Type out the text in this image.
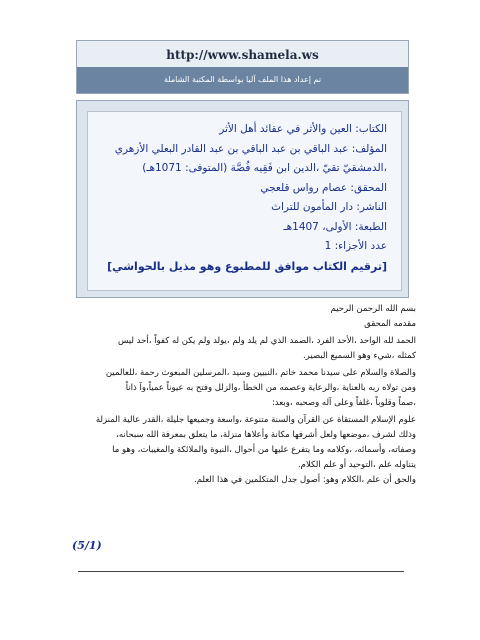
http://www.shamela.ws
تم إعداد هذا الملف آليا بواسطة المكتبة الشاملة
الكتاب: العين والأثر في عقائد أهل الأثر
المؤلف: عبد الباقي بن عبد الباقي بن عبد القادر البعلي الأزهري
،الدمشقيّ تقيّ ،الدين ابن فَقِيه فُصَّة (المتوفى: 1071هـ)
المحقق: عصام رواس قلعجي
الناشر: دار المأمون للتراث
الطبعة: الأولى، 1407هـ
عدد الأجزاء: 1
[ترقيم الكتاب موافق للمطبوع وهو مذيل بالحواشي]

بسم الله الرحمن الرحيم

مقدمه المحقق

الحمد لله الواحد ،الأحد الفرد ،الصمد الذي لم يلد ولم ،يولد ولم يكن له كفواً ،أحد ليس

كمثله ،شيء وهو السميع البصير.

والصلاة والسلام على سيدنا محمد خاتم ،النبيين وسيد ،المرسلين المبعوث رحمة ،للعالمين

ومن تولاه ربه بالعناية ،والرعاية وعصمه من الخطأ ،والزلل وفتح به عيوناً عمياً،وآ ذاناً

،صماً وقلوباً ،غلفاً وعلى آله وصحبه ،وبعد:

علوم الإسلام المستقاة عن القرآن والسنة متنوعة ،واسعة وجميعها جليلة ،القدر عالية المنزلة

وذلك لشرف ،موضعها ولعل أشرفها مكانة وأعلاها منزلة، ما يتعلق بمعرفة الله سبحانه،

وصفاته، وأسمائه، ،وكلامه وما يتفرع عليها من أحوال ،النبوة والملائكة والمغيبات، وهو ما

يتناوله علم ،التوحيد أو علم الكلام.

والحق أن علم ،الكلام وهو: أصول جدل المتكلمين في هذا العلم.

(5/1)
